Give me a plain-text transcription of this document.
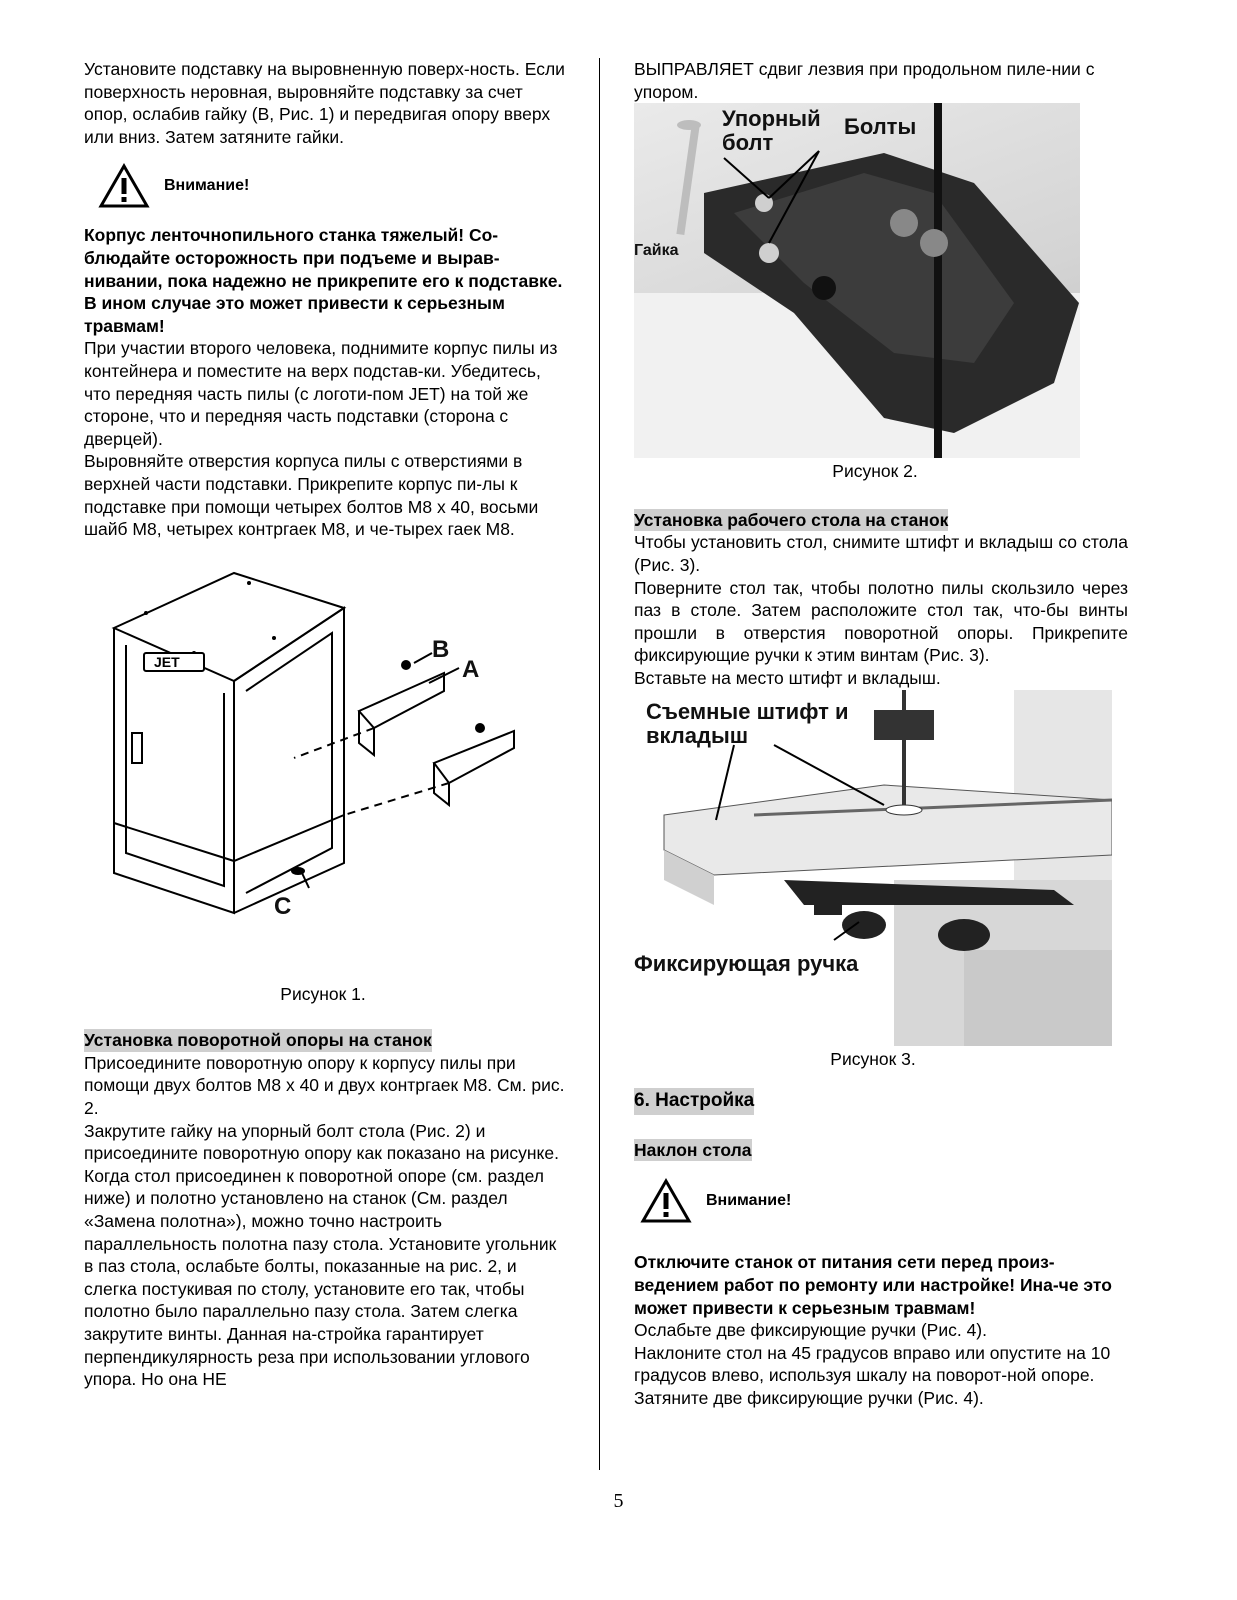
Установите подставку на выровненную поверх-ность. Если поверхность неровная, выровняйте подставку за счет опор, ослабив гайку (В, Рис. 1) и передвигая опору вверх или вниз. Затем затяните гайки.

Внимание!

Корпус ленточнопильного станка тяжелый! Со-блюдайте осторожность при подъеме и вырав-нивании, пока надежно не прикрепите его к подставке. В ином случае это может привести к серьезным травмам!

При участии второго человека, поднимите корпус пилы из контейнера и поместите на верх подстав-ки. Убедитесь, что передняя часть пилы (с логоти-пом JET) на той же стороне, что и передняя часть подставки (сторона с дверцей).

Выровняйте отверстия корпуса пилы с отверстиями в верхней части подставки. Прикрепите корпус пи-лы к подставке при помощи четырех болтов М8 х 40, восьми шайб М8, четырех контргаек М8, и че-тырех гаек М8.

JET	B
A
C

Рисунок 1.

Установка поворотной опоры на станок

Присоедините поворотную опору к корпусу пилы при помощи двух болтов М8 х 40 и двух контргаек М8. См. рис. 2.

Закрутите гайку на упорный болт стола (Рис. 2) и присоедините поворотную опору как показано на рисунке.

Когда стол присоединен к поворотной опоре (см. раздел ниже) и полотно установлено на станок (См. раздел «Замена полотна»), можно точно настроить параллельность полотна пазу стола. Установите угольник в паз стола, ослабьте болты, показанные на рис. 2, и слегка постукивая по столу, установите его так, чтобы полотно было параллельно пазу стола. Затем слегка закрутите винты. Данная на-стройка гарантирует перпендикулярность реза при использовании углового упора. Но она НЕ

ВЫПРАВЛЯЕТ сдвиг лезвия при продольном пиле-нии с упором.

Упорный болт
Болты
Гайка

Рисунок 2.

Установка рабочего стола на станок

Чтобы установить стол, снимите штифт и вкладыш со стола (Рис. 3).

Поверните стол так, чтобы полотно пилы скользило через паз в столе. Затем расположите стол так, что-бы винты прошли в отверстия поворотной опоры. Прикрепите фиксирующие ручки к этим винтам (Рис. 3).

Вставьте на место штифт и вкладыш.

Съемные штифт и вкладыш
Фиксирующая ручка

Рисунок 3.

6. Настройка
Наклон стола
Внимание!

Отключите станок от питания сети перед произ-ведением работ по ремонту или настройке! Ина-че это может привести к серьезным травмам!

Ослабьте две фиксирующие ручки (Рис. 4).

Наклоните стол на 45 градусов вправо или опустите на 10 градусов влево, используя шкалу на поворот-ной опоре.

Затяните две фиксирующие ручки (Рис. 4).

5
